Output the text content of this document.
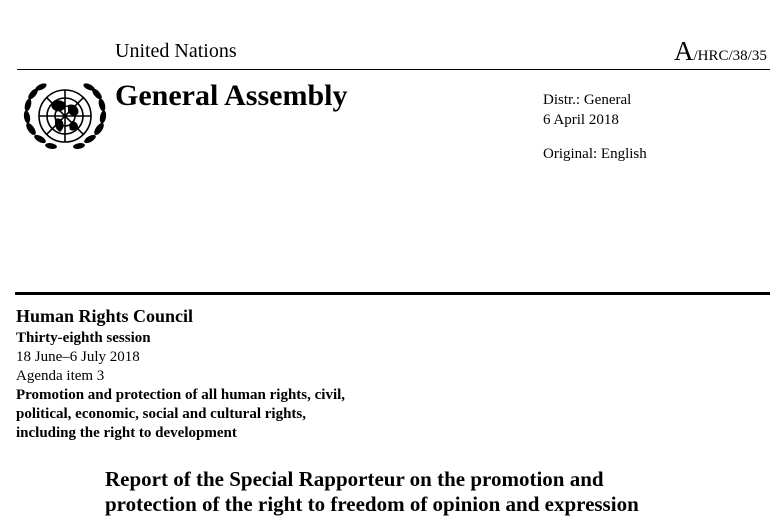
United Nations	A/HRC/38/35
General Assembly	Distr.: General
6 April 2018
Original: English
Human Rights Council
Thirty-eighth session
18 June–6 July 2018
Agenda item 3
Promotion and protection of all human rights, civil,
political, economic, social and cultural rights,
including the right to development
Report of the Special Rapporteur on the promotion and
protection of the right to freedom of opinion and expression
